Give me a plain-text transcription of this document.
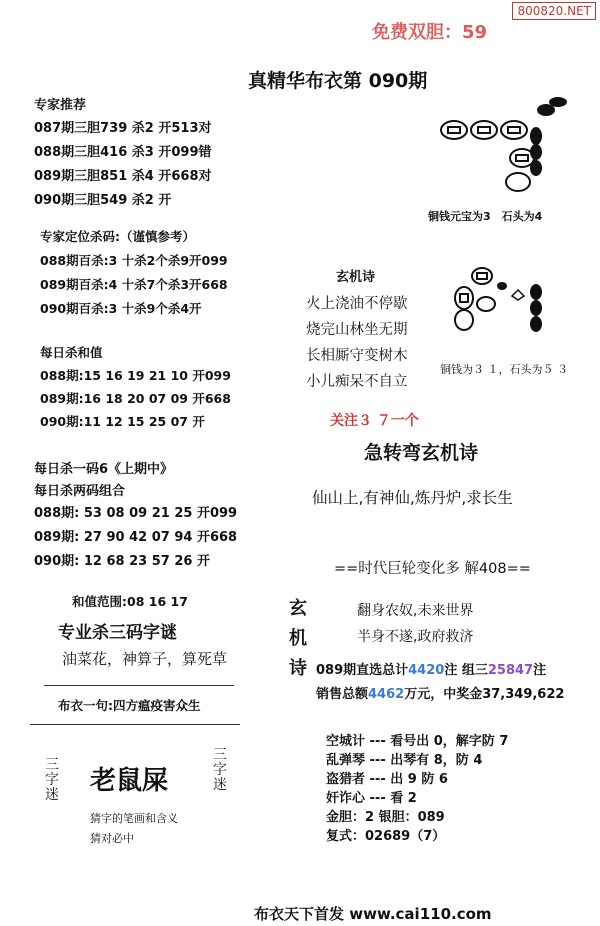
800820.NET
免费双胆：59
真精华布衣第 090期
专家推荐
087期三胆739 杀2 开513对
088期三胆416 杀3 开099错
089期三胆851 杀4 开668对
090期三胆549 杀2 开
专家定位杀码:（谨慎参考）
088期百杀:3 十杀2个杀9开099
089期百杀:4 十杀7个杀3开668
090期百杀:3 十杀9个杀4开
每日杀和值
088期:15 16 19 21 10 开099
089期:16 18 20 07 09 开668
090期:11 12 15 25 07 开
每日杀一码6《上期中》
每日杀两码组合
088期: 53 08 09 21 25 开099
089期: 27 90 42 07 94 开668
090期: 12 68 23 57 26 开
和值范围:08 16 17
专业杀三码字谜
油菜花，神算子，算死草
布衣一句:四方瘟疫害众生
三
字
迷 老鼠屎
三
字
迷
猜字的笔画和含义
猜对必中
铜钱元宝为3　石头为4
玄机诗
火上浇油不停歇
烧完山林坐无期
长相厮守变树木
小儿痴呆不自立
铜钱为３ １，石头为５ ３
关注３ ７一个
急转弯玄机诗
仙山上,有神仙,炼丹炉,求长生
==时代巨轮变化多 解408==
玄
机
诗
翻身农奴,未来世界
半身不遂,政府救济
089期直选总计4420注 组三25847注
销售总额4462万元，中奖金37,349,622
空城计 --- 看号出 0，解字防 7
乱弹琴 --- 出琴有 8，防 4
盗猎者 --- 出 9 防 6
奸诈心 --- 看 2
金胆：2 银胆：089
复式：02689（7）
布衣天下首发 www.cai110.com
